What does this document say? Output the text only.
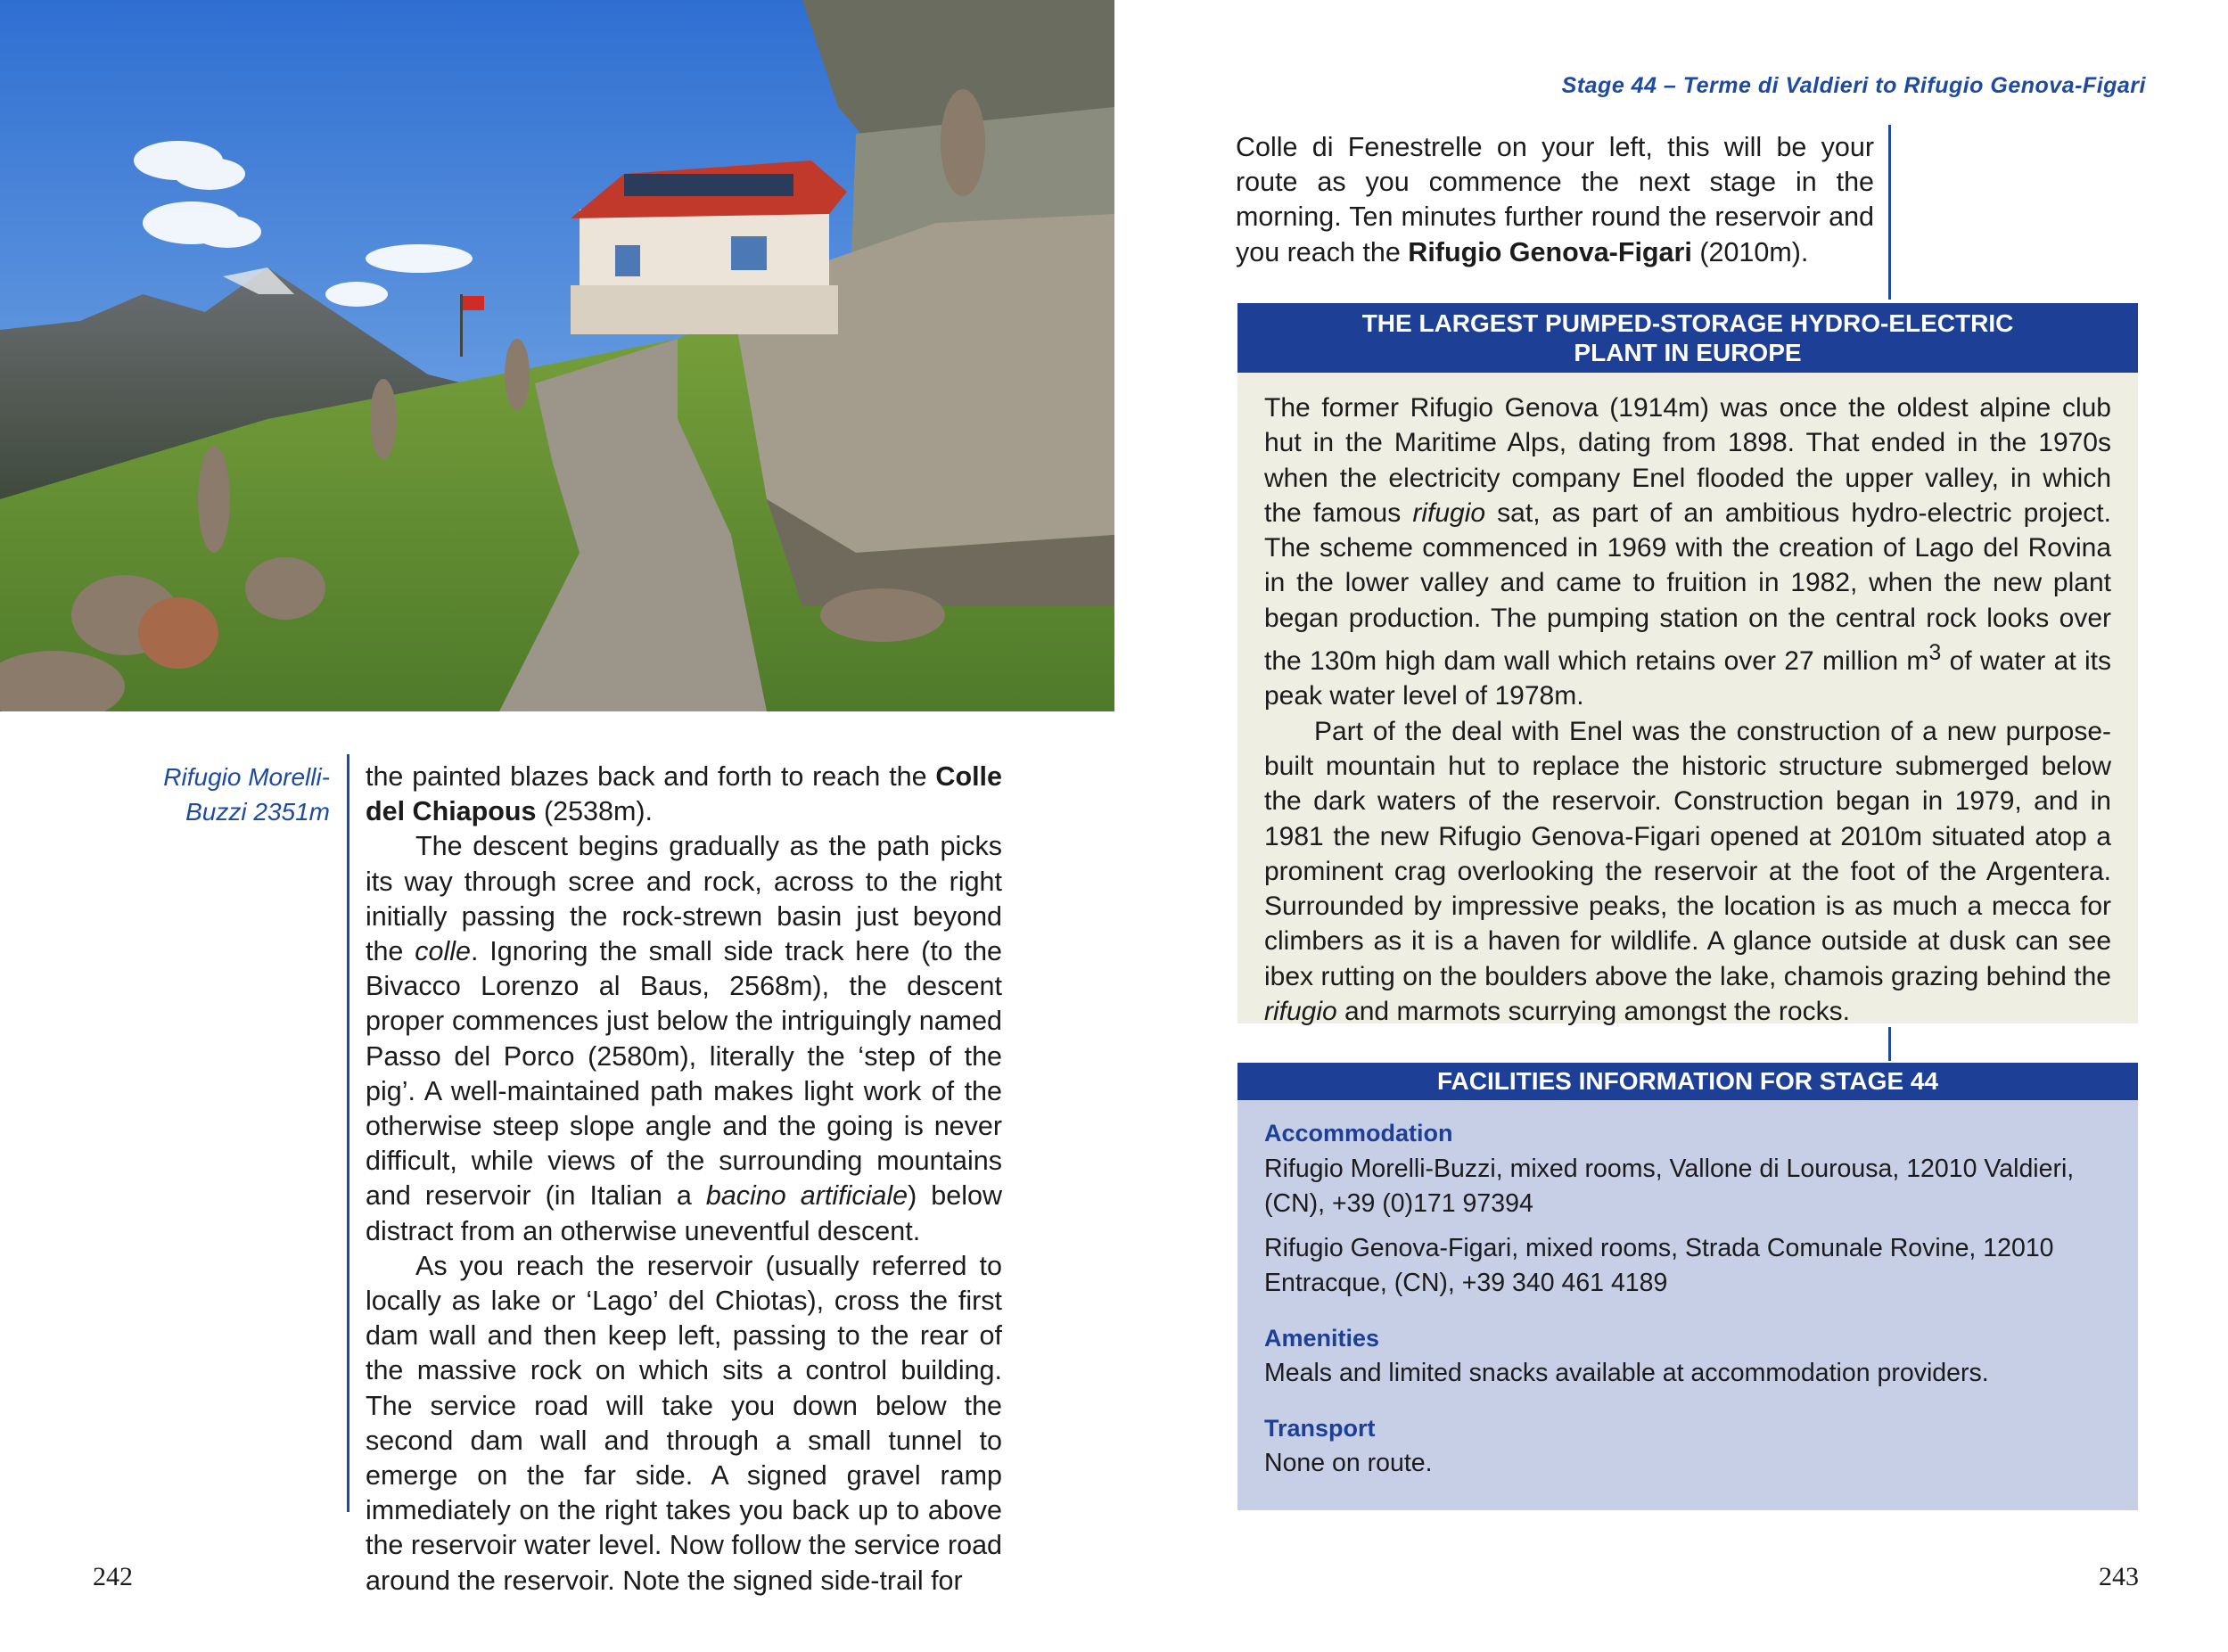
Rifugio Morelli-
Buzzi 2351m

the painted blazes back and forth to reach the Colle del Chiapous (2538m).

The descent begins gradually as the path picks its way through scree and rock, across to the right initially passing the rock-strewn basin just beyond the colle. Ignoring the small side track here (to the Bivacco Lorenzo al Baus, 2568m), the descent proper commences just below the intriguingly named Passo del Porco (2580m), literally the ‘step of the pig’. A well-maintained path makes light work of the otherwise steep slope angle and the going is never difficult, while views of the surrounding mountains and reservoir (in Italian a bacino artificiale) below distract from an otherwise uneventful descent.

As you reach the reservoir (usually referred to locally as lake or ‘Lago’ del Chiotas), cross the first dam wall and then keep left, passing to the rear of the massive rock on which sits a control building. The service road will take you down below the second dam wall and through a small tunnel to emerge on the far side. A signed gravel ramp immediately on the right takes you back up to above the reservoir water level. Now follow the service road around the reservoir. Note the signed side-trail for

Stage 44 – Terme di Valdieri to Rifugio Genova-Figari

Colle di Fenestrelle on your left, this will be your route as you commence the next stage in the morning. Ten minutes further round the reservoir and you reach the Rifugio Genova-Figari (2010m).

THE LARGEST PUMPED-STORAGE HYDRO-ELECTRIC
PLANT IN EUROPE

The former Rifugio Genova (1914m) was once the oldest alpine club hut in the Maritime Alps, dating from 1898. That ended in the 1970s when the electricity company Enel flooded the upper valley, in which the famous rifugio sat, as part of an ambitious hydro-electric project. The scheme commenced in 1969 with the creation of Lago del Rovina in the lower valley and came to fruition in 1982, when the new plant began production. The pumping station on the central rock looks over the 130m high dam wall which retains over 27 million $m^3$ of water at its peak water level of 1978m.

Part of the deal with Enel was the construction of a new purpose-built mountain hut to replace the historic structure submerged below the dark waters of the reservoir. Construction began in 1979, and in 1981 the new Rifugio Genova-Figari opened at 2010m situated atop a prominent crag overlooking the reservoir at the foot of the Argentera. Surrounded by impressive peaks, the location is as much a mecca for climbers as it is a haven for wildlife. A glance outside at dusk can see ibex rutting on the boulders above the lake, chamois grazing behind the rifugio and marmots scurrying amongst the rocks.

FACILITIES INFORMATION FOR STAGE 44
Accommodation

Rifugio Morelli-Buzzi, mixed rooms, Vallone di Lourousa, 12010 Valdieri, (CN), +39 (0)171 97394

Rifugio Genova-Figari, mixed rooms, Strada Comunale Rovine, 12010 Entracque, (CN), +39 340 461 4189

Amenities

Meals and limited snacks available at accommodation providers.

Transport

None on route.

242	243
